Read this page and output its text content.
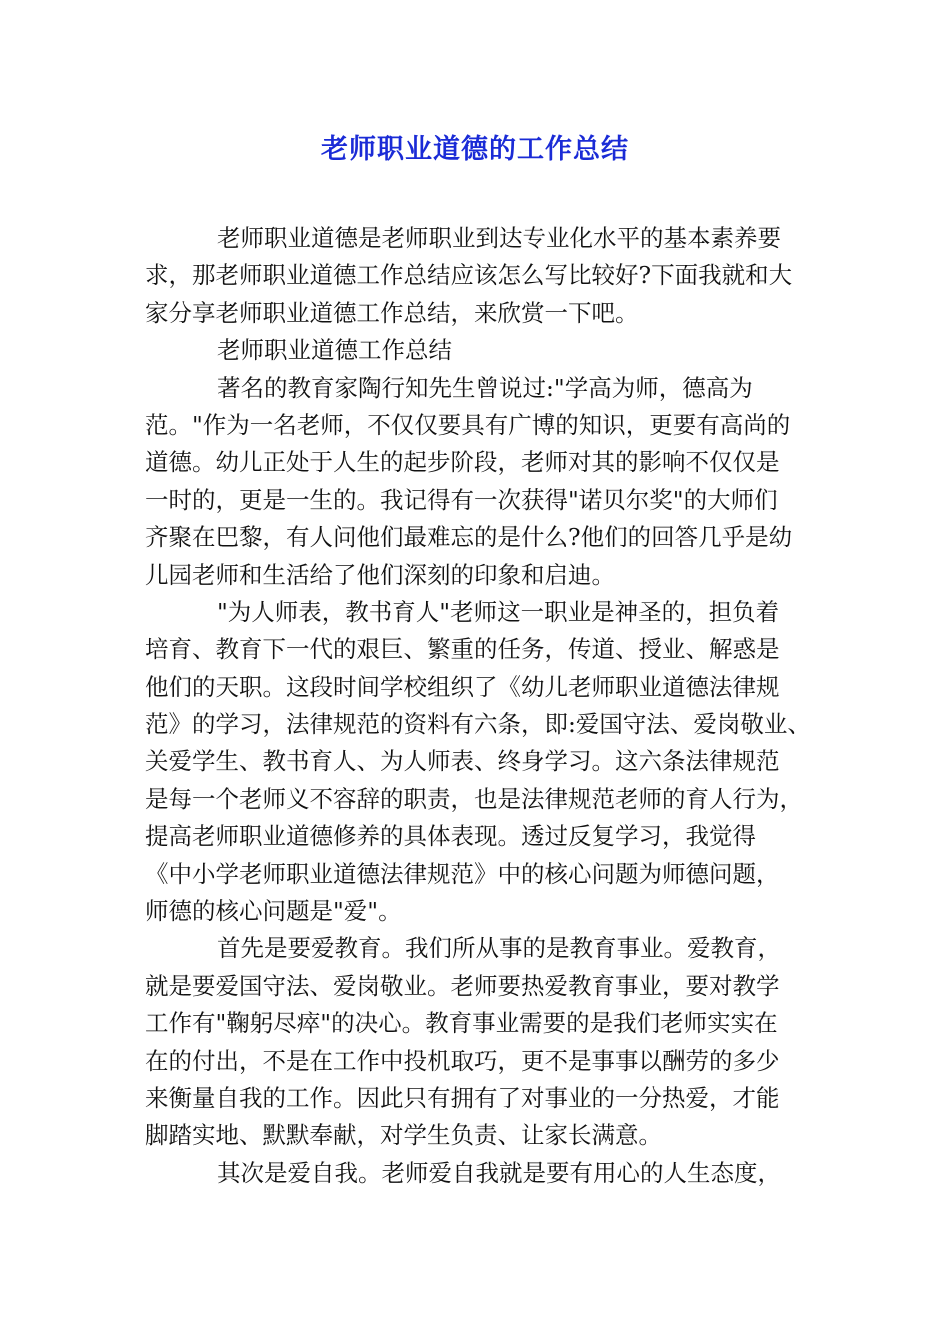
老师职业道德的工作总结
老师职业道德是老师职业到达专业化水平的基本素养要
求，那老师职业道德工作总结应该怎么写比较好?下面我就和大
家分享老师职业道德工作总结，来欣赏一下吧。
老师职业道德工作总结
著名的教育家陶行知先生曾说过:"学高为师，德高为
范。"作为一名老师，不仅仅要具有广博的知识，更要有高尚的
道德。幼儿正处于人生的起步阶段，老师对其的影响不仅仅是
一时的，更是一生的。我记得有一次获得"诺贝尔奖"的大师们
齐聚在巴黎，有人问他们最难忘的是什么?他们的回答几乎是幼
儿园老师和生活给了他们深刻的印象和启迪。
"为人师表，教书育人"老师这一职业是神圣的，担负着
培育、教育下一代的艰巨、繁重的任务，传道、授业、解惑是
他们的天职。这段时间学校组织了《幼儿老师职业道德法律规
范》的学习，法律规范的资料有六条，即:爱国守法、爱岗敬业、
关爱学生、教书育人、为人师表、终身学习。这六条法律规范
是每一个老师义不容辞的职责，也是法律规范老师的育人行为，
提高老师职业道德修养的具体表现。透过反复学习，我觉得
《中小学老师职业道德法律规范》中的核心问题为师德问题，
师德的核心问题是"爱"。
首先是要爱教育。我们所从事的是教育事业。爱教育，
就是要爱国守法、爱岗敬业。老师要热爱教育事业，要对教学
工作有"鞠躬尽瘁"的决心。教育事业需要的是我们老师实实在
在的付出，不是在工作中投机取巧，更不是事事以酬劳的多少
来衡量自我的工作。因此只有拥有了对事业的一分热爱，才能
脚踏实地、默默奉献，对学生负责、让家长满意。
其次是爱自我。老师爱自我就是要有用心的人生态度，
